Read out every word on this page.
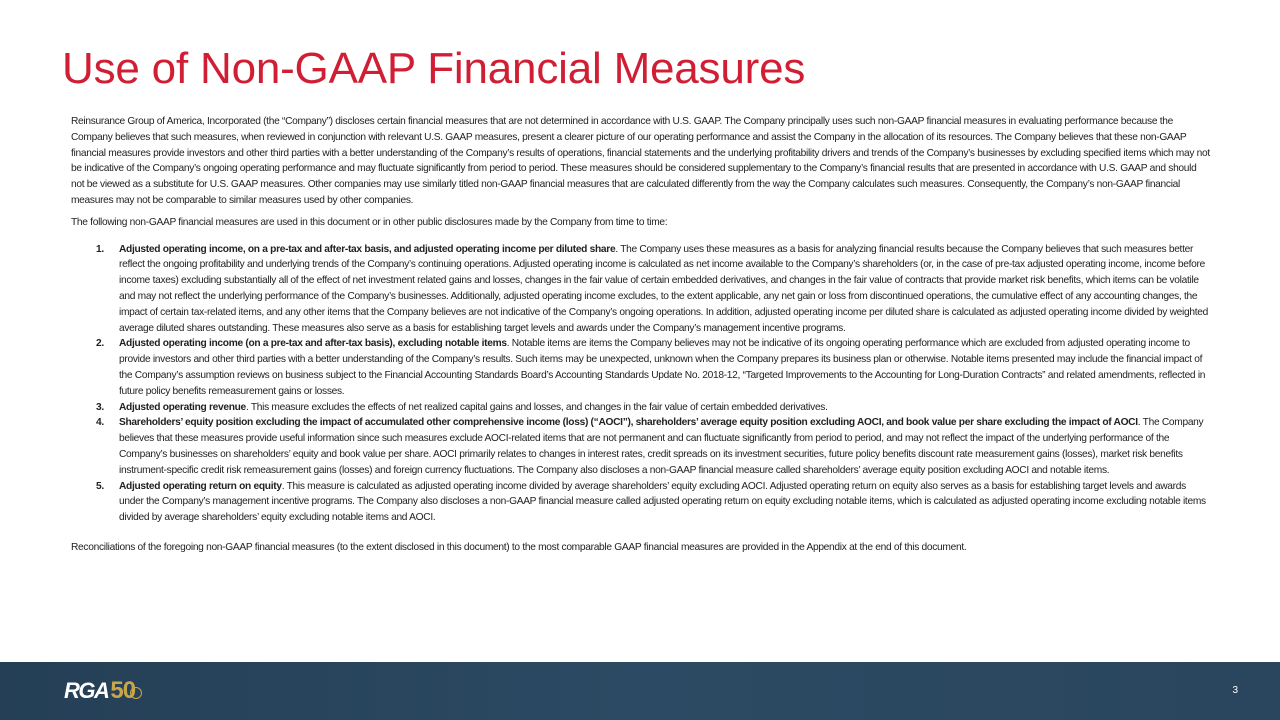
Use of Non-GAAP Financial Measures

Reinsurance Group of America, Incorporated (the “Company”) discloses certain financial measures that are not determined in accordance with U.S. GAAP. The Company principally uses such non-GAAP financial measures in evaluating performance because the Company believes that such measures, when reviewed in conjunction with relevant U.S. GAAP measures, present a clearer picture of our operating performance and assist the Company in the allocation of its resources. The Company believes that these non-GAAP financial measures provide investors and other third parties with a better understanding of the Company’s results of operations, financial statements and the underlying profitability drivers and trends of the Company’s businesses by excluding specified items which may not be indicative of the Company’s ongoing operating performance and may fluctuate significantly from period to period. These measures should be considered supplementary to the Company’s financial results that are presented in accordance with U.S. GAAP and should not be viewed as a substitute for U.S. GAAP measures. Other companies may use similarly titled non-GAAP financial measures that are calculated differently from the way the Company calculates such measures. Consequently, the Company’s non-GAAP financial measures may not be comparable to similar measures used by other companies.

The following non-GAAP financial measures are used in this document or in other public disclosures made by the Company from time to time:

1. Adjusted operating income, on a pre-tax and after-tax basis, and adjusted operating income per diluted share. The Company uses these measures as a basis for analyzing financial results because the Company believes that such measures better reflect the ongoing profitability and underlying trends of the Company’s continuing operations. Adjusted operating income is calculated as net income available to the Company’s shareholders (or, in the case of pre-tax adjusted operating income, income before income taxes) excluding substantially all of the effect of net investment related gains and losses, changes in the fair value of certain embedded derivatives, and changes in the fair value of contracts that provide market risk benefits, which items can be volatile and may not reflect the underlying performance of the Company’s businesses. Additionally, adjusted operating income excludes, to the extent applicable, any net gain or loss from discontinued operations, the cumulative effect of any accounting changes, the impact of certain tax-related items, and any other items that the Company believes are not indicative of the Company’s ongoing operations. In addition, adjusted operating income per diluted share is calculated as adjusted operating income divided by weighted average diluted shares outstanding. These measures also serve as a basis for establishing target levels and awards under the Company’s management incentive programs.
2. Adjusted operating income (on a pre-tax and after-tax basis), excluding notable items. Notable items are items the Company believes may not be indicative of its ongoing operating performance which are excluded from adjusted operating income to provide investors and other third parties with a better understanding of the Company’s results. Such items may be unexpected, unknown when the Company prepares its business plan or otherwise. Notable items presented may include the financial impact of the Company’s assumption reviews on business subject to the Financial Accounting Standards Board’s Accounting Standards Update No. 2018-12, “Targeted Improvements to the Accounting for Long-Duration Contracts” and related amendments, reflected in future policy benefits remeasurement gains or losses.
3. Adjusted operating revenue. This measure excludes the effects of net realized capital gains and losses, and changes in the fair value of certain embedded derivatives.
4. Shareholders’ equity position excluding the impact of accumulated other comprehensive income (loss) (“AOCI”), shareholders’ average equity position excluding AOCI, and book value per share excluding the impact of AOCI. The Company believes that these measures provide useful information since such measures exclude AOCI-related items that are not permanent and can fluctuate significantly from period to period, and may not reflect the impact of the underlying performance of the Company’s businesses on shareholders’ equity and book value per share. AOCI primarily relates to changes in interest rates, credit spreads on its investment securities, future policy benefits discount rate measurement gains (losses), market risk benefits instrument-specific credit risk remeasurement gains (losses) and foreign currency fluctuations. The Company also discloses a non-GAAP financial measure called shareholders’ average equity position excluding AOCI and notable items.
5. Adjusted operating return on equity. This measure is calculated as adjusted operating income divided by average shareholders’ equity excluding AOCI. Adjusted operating return on equity also serves as a basis for establishing target levels and awards under the Company’s management incentive programs. The Company also discloses a non-GAAP financial measure called adjusted operating return on equity excluding notable items, which is calculated as adjusted operating income excluding notable items divided by average shareholders’ equity excluding notable items and AOCI.

Reconciliations of the foregoing non-GAAP financial measures (to the extent disclosed in this document) to the most comparable GAAP financial measures are provided in the Appendix at the end of this document.

RGA 50	3
